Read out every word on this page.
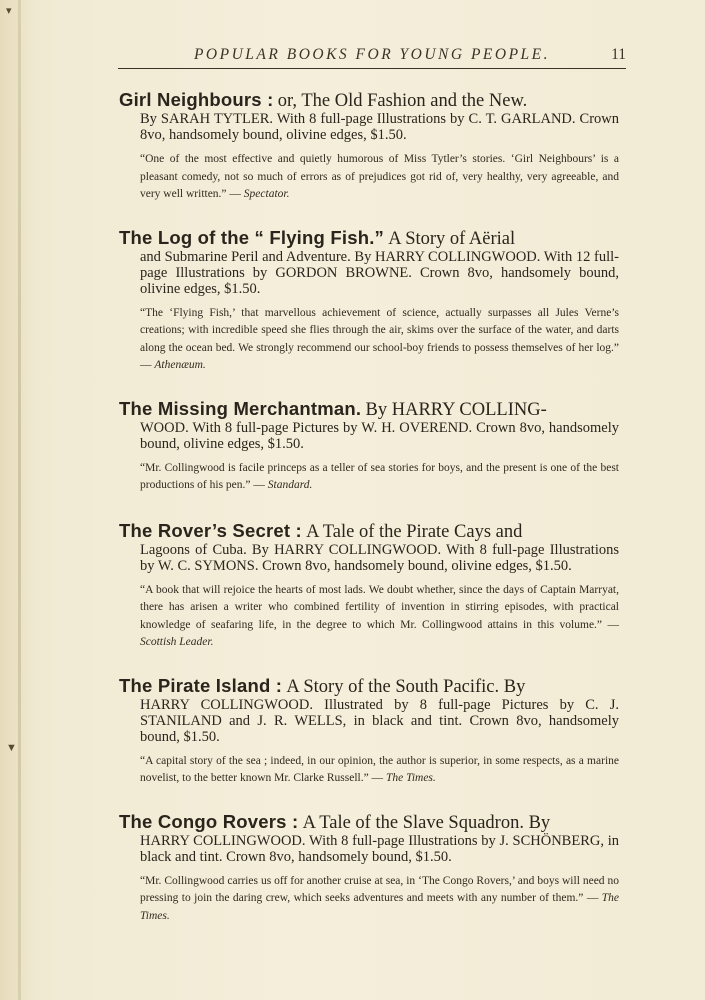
▾
▼
POPULAR BOOKS FOR YOUNG PEOPLE.	11

Girl Neighbours : or, The Old Fashion and the New.

By SARAH TYTLER. With 8 full-page Illustrations by C. T. GARLAND. Crown 8vo, handsomely bound, olivine edges, $1.50.

“One of the most effective and quietly humorous of Miss Tytler’s stories. ‘Girl Neighbours’ is a pleasant comedy, not so much of errors as of prejudices got rid of, very healthy, very agreeable, and very well written.” — Spectator.

The Log of the “ Flying Fish.” A Story of Aërial

and Submarine Peril and Adventure. By HARRY COLLINGWOOD. With 12 full-page Illustrations by GORDON BROWNE. Crown 8vo, handsomely bound, olivine edges, $1.50.

“The ‘Flying Fish,’ that marvellous achievement of science, actually surpasses all Jules Verne’s creations; with incredible speed she flies through the air, skims over the surface of the water, and darts along the ocean bed. We strongly recommend our school-boy friends to possess themselves of her log.” — Athenæum.

The Missing Merchantman. By HARRY COLLING-

WOOD. With 8 full-page Pictures by W. H. OVEREND. Crown 8vo, handsomely bound, olivine edges, $1.50.

“Mr. Collingwood is facile princeps as a teller of sea stories for boys, and the present is one of the best productions of his pen.” — Standard.

The Rover’s Secret : A Tale of the Pirate Cays and

Lagoons of Cuba. By HARRY COLLINGWOOD. With 8 full-page Illustrations by W. C. SYMONS. Crown 8vo, handsomely bound, olivine edges, $1.50.

“A book that will rejoice the hearts of most lads. We doubt whether, since the days of Captain Marryat, there has arisen a writer who combined fertility of invention in stirring episodes, with practical knowledge of seafaring life, in the degree to which Mr. Collingwood attains in this volume.” — Scottish Leader.

The Pirate Island : A Story of the South Pacific. By

HARRY COLLINGWOOD. Illustrated by 8 full-page Pictures by C. J. STANILAND and J. R. WELLS, in black and tint. Crown 8vo, handsomely bound, $1.50.

“A capital story of the sea ; indeed, in our opinion, the author is superior, in some respects, as a marine novelist, to the better known Mr. Clarke Russell.” — The Times.

The Congo Rovers : A Tale of the Slave Squadron. By

HARRY COLLINGWOOD. With 8 full-page Illustrations by J. SCHÖNBERG, in black and tint. Crown 8vo, handsomely bound, $1.50.

“Mr. Collingwood carries us off for another cruise at sea, in ‘The Congo Rovers,’ and boys will need no pressing to join the daring crew, which seeks adventures and meets with any number of them.” — The Times.
